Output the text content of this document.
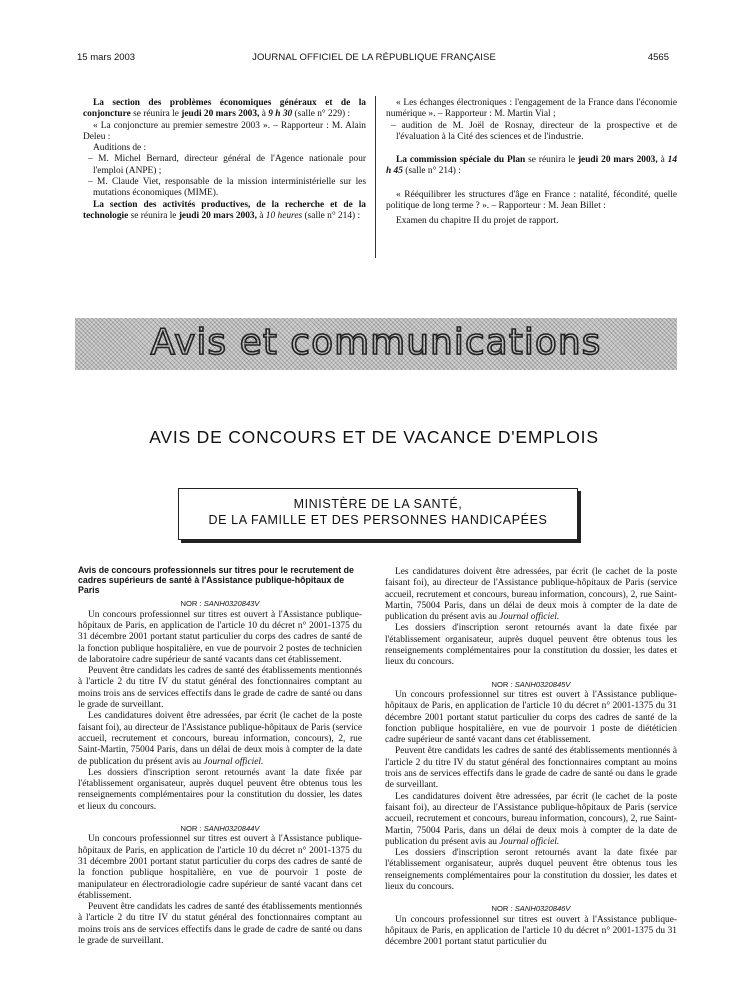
15 mars 2003	JOURNAL OFFICIEL DE LA RÉPUBLIQUE FRANÇAISE	4565

La section des problèmes économiques généraux et de la conjoncture se réunira le jeudi 20 mars 2003, à 9 h 30 (salle n° 229) :

« La conjoncture au premier semestre 2003 ». – Rapporteur : M. Alain Deleu :

Auditions de :

– M. Michel Bernard, directeur général de l'Agence nationale pour l'emploi (ANPE) ;

– M. Claude Viet, responsable de la mission interministérielle sur les mutations économiques (MIME).

La section des activités productives, de la recherche et de la technologie se réunira le jeudi 20 mars 2003, à 10 heures (salle n° 214) :

« Les échanges électroniques : l'engagement de la France dans l'économie numérique ». – Rapporteur : M. Martin Vial ;

– audition de M. Joël de Rosnay, directeur de la prospective et de l'évaluation à la Cité des sciences et de l'industrie.

La commission spéciale du Plan se réunira le jeudi 20 mars 2003, à 14 h 45 (salle n° 214) :

« Rééquilibrer les structures d'âge en France : natalité, fécondité, quelle politique de long terme ? ». – Rapporteur : M. Jean Billet :

Examen du chapitre II du projet de rapport.

Avis et communications
AVIS DE CONCOURS ET DE VACANCE D'EMPLOIS
MINISTÈRE DE LA SANTÉ,
DE LA FAMILLE ET DES PERSONNES HANDICAPÉES
Avis de concours professionnels sur titres pour le recrutement de cadres supérieurs de santé à l'Assistance publique-hôpitaux de Paris

NOR : SANH0320843V

Un concours professionnel sur titres est ouvert à l'Assistance publique-hôpitaux de Paris, en application de l'article 10 du décret n° 2001-1375 du 31 décembre 2001 portant statut particulier du corps des cadres de santé de la fonction publique hospitalière, en vue de pourvoir 2 postes de technicien de laboratoire cadre supérieur de santé vacants dans cet établissement.

Peuvent être candidats les cadres de santé des établissements mentionnés à l'article 2 du titre IV du statut général des fonctionnaires comptant au moins trois ans de services effectifs dans le grade de cadre de santé ou dans le grade de surveillant.

Les candidatures doivent être adressées, par écrit (le cachet de la poste faisant foi), au directeur de l'Assistance publique-hôpitaux de Paris (service accueil, recrutement et concours, bureau information, concours), 2, rue Saint-Martin, 75004 Paris, dans un délai de deux mois à compter de la date de publication du présent avis au Journal officiel.

Les dossiers d'inscription seront retournés avant la date fixée par l'établissement organisateur, auprès duquel peuvent être obtenus tous les renseignements complémentaires pour la constitution du dossier, les dates et lieux du concours.

NOR : SANH0320844V

Un concours professionnel sur titres est ouvert à l'Assistance publique-hôpitaux de Paris, en application de l'article 10 du décret n° 2001-1375 du 31 décembre 2001 portant statut particulier du corps des cadres de santé de la fonction publique hospitalière, en vue de pourvoir 1 poste de manipulateur en électroradiologie cadre supérieur de santé vacant dans cet établissement.

Peuvent être candidats les cadres de santé des établissements mentionnés à l'article 2 du titre IV du statut général des fonctionnaires comptant au moins trois ans de services effectifs dans le grade de cadre de santé ou dans le grade de surveillant.

Les candidatures doivent être adressées, par écrit (le cachet de la poste faisant foi), au directeur de l'Assistance publique-hôpitaux de Paris (service accueil, recrutement et concours, bureau information, concours), 2, rue Saint-Martin, 75004 Paris, dans un délai de deux mois à compter de la date de publication du présent avis au Journal officiel.

Les dossiers d'inscription seront retournés avant la date fixée par l'établissement organisateur, auprès duquel peuvent être obtenus tous les renseignements complémentaires pour la constitution du dossier, les dates et lieux du concours.

NOR : SANH0320845V

Un concours professionnel sur titres est ouvert à l'Assistance publique-hôpitaux de Paris, en application de l'article 10 du décret n° 2001-1375 du 31 décembre 2001 portant statut particulier du corps des cadres de santé de la fonction publique hospitalière, en vue de pourvoir 1 poste de diététicien cadre supérieur de santé vacant dans cet établissement.

Peuvent être candidats les cadres de santé des établissements mentionnés à l'article 2 du titre IV du statut général des fonctionnaires comptant au moins trois ans de services effectifs dans le grade de cadre de santé ou dans le grade de surveillant.

Les candidatures doivent être adressées, par écrit (le cachet de la poste faisant foi), au directeur de l'Assistance publique-hôpitaux de Paris (service accueil, recrutement et concours, bureau information, concours), 2, rue Saint-Martin, 75004 Paris, dans un délai de deux mois à compter de la date de publication du présent avis au Journal officiel.

Les dossiers d'inscription seront retournés avant la date fixée par l'établissement organisateur, auprès duquel peuvent être obtenus tous les renseignements complémentaires pour la constitution du dossier, les dates et lieux du concours.

NOR : SANH0320846V

Un concours professionnel sur titres est ouvert à l'Assistance publique-hôpitaux de Paris, en application de l'article 10 du décret n° 2001-1375 du 31 décembre 2001 portant statut particulier du
